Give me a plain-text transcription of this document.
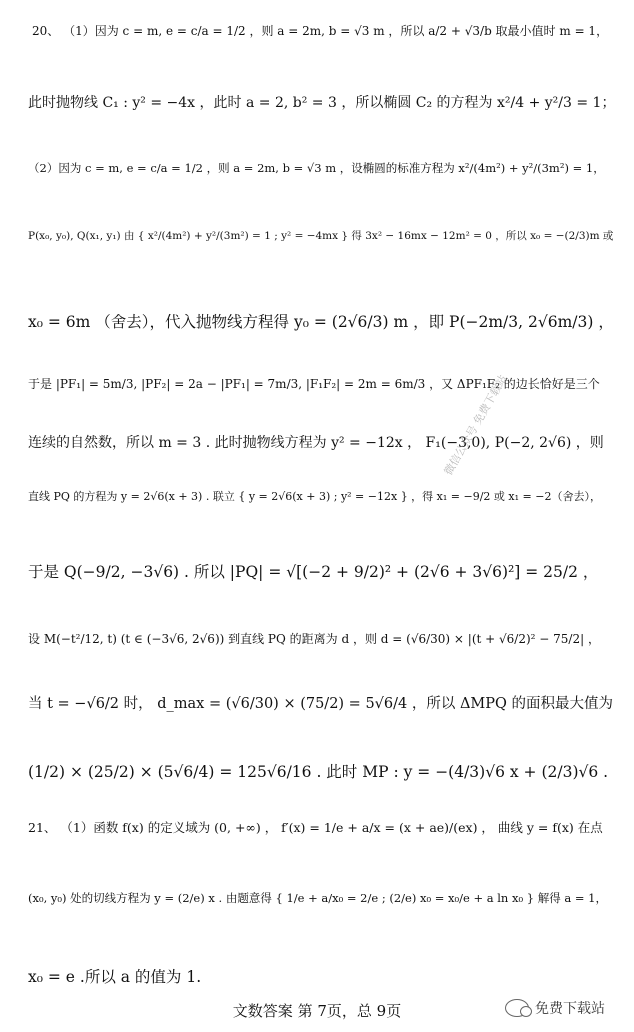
20、 （1）因为 c = m, e = c/a = 1/2 ，则 a = 2m, b = √3 m ，所以 a/2 + √3/b 取最小值时 m = 1，
此时抛物线 C₁ : y² = −4x ，此时 a = 2, b² = 3 ，所以椭圆 C₂ 的方程为 x²/4 + y²/3 = 1；
（2）因为 c = m, e = c/a = 1/2 ，则 a = 2m, b = √3 m ，设椭圆的标准方程为 x²/(4m²) + y²/(3m²) = 1，
P(x₀, y₀), Q(x₁, y₁) 由 { x²/(4m²) + y²/(3m²) = 1 ; y² = −4mx } 得 3x² − 16mx − 12m² = 0 ，所以 x₀ = −(2/3)m 或
x₀ = 6m （舍去），代入抛物线方程得 y₀ = (2√6/3) m ，即 P(−2m/3, 2√6m/3) ，
于是 |PF₁| = 5m/3, |PF₂| = 2a − |PF₁| = 7m/3, |F₁F₂| = 2m = 6m/3 ，又 ΔPF₁F₂ 的边长恰好是三个
连续的自然数，所以 m = 3 . 此时抛物线方程为 y² = −12x ， F₁(−3,0), P(−2, 2√6) ，则
直线 PQ 的方程为 y = 2√6(x + 3) . 联立 { y = 2√6(x + 3) ; y² = −12x } ，得 x₁ = −9/2 或 x₁ = −2（舍去），
于是 Q(−9/2, −3√6) . 所以 |PQ| = √[(−2 + 9/2)² + (2√6 + 3√6)²] = 25/2 ，
设 M(−t²/12, t) (t ∈ (−3√6, 2√6)) 到直线 PQ 的距离为 d ，则 d = (√6/30) × |(t + √6/2)² − 75/2| ，
当 t = −√6/2 时， d_max = (√6/30) × (75/2) = 5√6/4 ，所以 ΔMPQ 的面积最大值为
(1/2) × (25/2) × (5√6/4) = 125√6/16 . 此时 MP : y = −(4/3)√6 x + (2/3)√6 .
21、 （1）函数 f(x) 的定义域为 (0, +∞) ， f′(x) = 1/e + a/x = (x + ae)/(ex) ， 曲线 y = f(x) 在点
(x₀, y₀) 处的切线方程为 y = (2/e) x . 由题意得 { 1/e + a/x₀ = 2/e ; (2/e) x₀ = x₀/e + a ln x₀ } 解得 a = 1，
x₀ = e .所以 a 的值为 1.
微信公众号 免费下载站
文数答案 第 7页，总 9页	免费下载站
